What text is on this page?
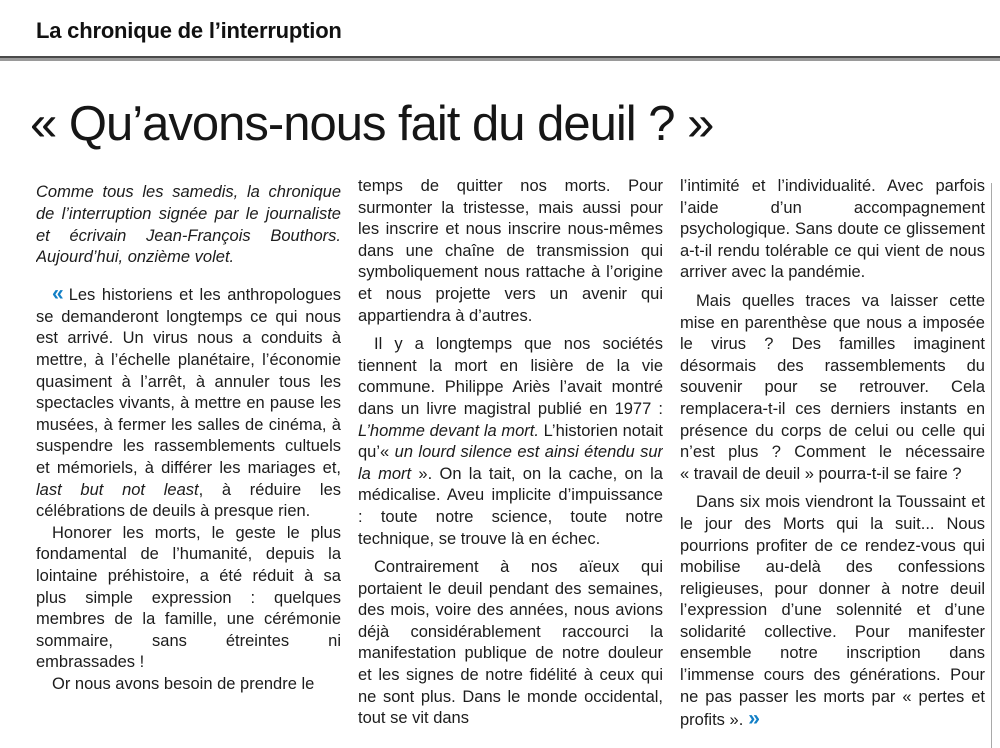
La chronique de l’interruption
« Qu’avons-nous fait du deuil ? »

Comme tous les samedis, la chronique de l’interruption signée par le journaliste et écrivain Jean-François Bouthors. Aujourd’hui, onzième volet.

« Les historiens et les anthropologues se demanderont longtemps ce qui nous est arrivé. Un virus nous a conduits à mettre, à l’échelle planétaire, l’économie quasiment à l’arrêt, à annuler tous les spectacles vivants, à mettre en pause les musées, à fermer les salles de cinéma, à suspendre les rassemblements cultuels et mémoriels, à différer les mariages et, last but not least, à réduire les célébrations de deuils à presque rien.

Honorer les morts, le geste le plus fondamental de l’humanité, depuis la lointaine préhistoire, a été réduit à sa plus simple expression : quelques membres de la famille, une cérémonie sommaire, sans étreintes ni embrassades !

Or nous avons besoin de prendre le

temps de quitter nos morts. Pour surmonter la tristesse, mais aussi pour les inscrire et nous inscrire nous-mêmes dans une chaîne de transmission qui symboliquement nous rattache à l’origine et nous projette vers un avenir qui appartiendra à d’autres.

Il y a longtemps que nos sociétés tiennent la mort en lisière de la vie commune. Philippe Ariès l’avait montré dans un livre magistral publié en 1977 : L’homme devant la mort. L’historien notait qu’« un lourd silence est ainsi étendu sur la mort ». On la tait, on la cache, on la médicalise. Aveu implicite d’impuissance : toute notre science, toute notre technique, se trouve là en échec.

Contrairement à nos aïeux qui portaient le deuil pendant des semaines, des mois, voire des années, nous avions déjà considérablement raccourci la manifestation publique de notre douleur et les signes de notre fidélité à ceux qui ne sont plus. Dans le monde occidental, tout se vit dans

l’intimité et l’individualité. Avec parfois l’aide d’un accompagnement psychologique. Sans doute ce glissement a-t-il rendu tolérable ce qui vient de nous arriver avec la pandémie.

Mais quelles traces va laisser cette mise en parenthèse que nous a imposée le virus ? Des familles imaginent désormais des rassemblements du souvenir pour se retrouver. Cela remplacera-t-il ces derniers instants en présence du corps de celui ou celle qui n’est plus ? Comment le nécessaire « travail de deuil » pourra-t-il se faire ?

Dans six mois viendront la Toussaint et le jour des Morts qui la suit... Nous pourrions profiter de ce rendez-vous qui mobilise au-delà des confessions religieuses, pour donner à notre deuil l’expression d’une solennité et d’une solidarité collective. Pour manifester ensemble notre inscription dans l’immense cours des générations. Pour ne pas passer les morts par « pertes et profits ». »
